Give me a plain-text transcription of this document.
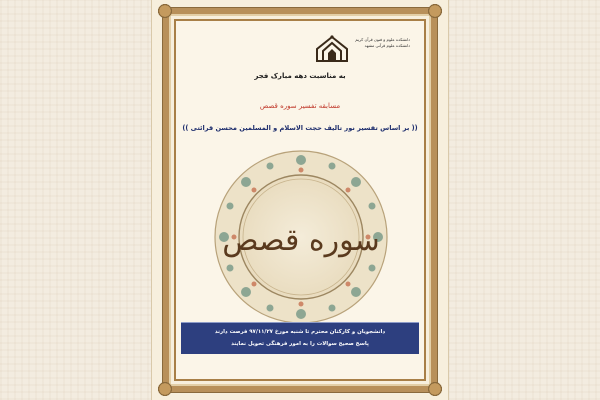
دانشکده علوم و فنون قرآن کریم
دانشکده علوم قرآنی مشهد
به مناسبت دهه مبارک فجر
مسابقه تفسیر سوره قصص
(( بر اساس تفسیر نور تالیف حجت الاسلام و المسلمین محسن قرائتی ))
سوره قصص
دانشجویان و کارکنان محترم تا شنبه مورخ ۹۷/۱۱/۲۷ فرصت دارند
پاسخ صحیح سوالات را به امور فرهنگی تحویل نمایند
